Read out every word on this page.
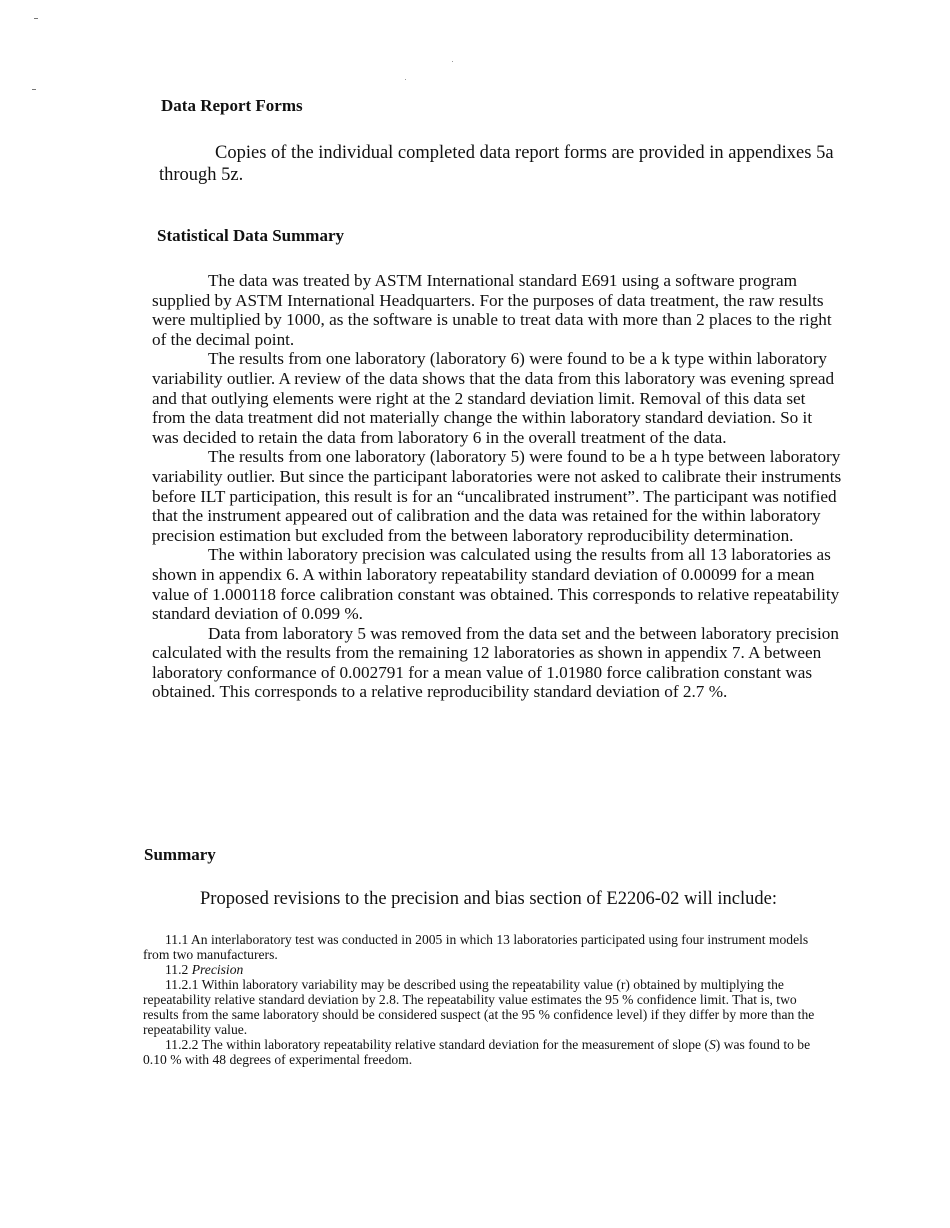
Data Report Forms

Copies of the individual completed data report forms are provided in appendixes 5a through 5z.

Statistical Data Summary

The data was treated by ASTM International standard E691 using a software program supplied by ASTM International Headquarters. For the purposes of data treatment, the raw results were multiplied by 1000, as the software is unable to treat data with more than 2 places to the right of the decimal point.

The results from one laboratory (laboratory 6) were found to be a k type within laboratory variability outlier. A review of the data shows that the data from this laboratory was evening spread and that outlying elements were right at the 2 standard deviation limit. Removal of this data set from the data treatment did not materially change the within laboratory standard deviation. So it was decided to retain the data from laboratory 6 in the overall treatment of the data.

The results from one laboratory (laboratory 5) were found to be a h type between laboratory variability outlier. But since the participant laboratories were not asked to calibrate their instruments before ILT participation, this result is for an “uncalibrated instrument”. The participant was notified that the instrument appeared out of calibration and the data was retained for the within laboratory precision estimation but excluded from the between laboratory reproducibility determination.

The within laboratory precision was calculated using the results from all 13 laboratories as shown in appendix 6. A within laboratory repeatability standard deviation of 0.00099 for a mean value of 1.000118 force calibration constant was obtained. This corresponds to relative repeatability standard deviation of 0.099 %.

Data from laboratory 5 was removed from the data set and the between laboratory precision calculated with the results from the remaining 12 laboratories as shown in appendix 7. A between laboratory conformance of 0.002791 for a mean value of 1.01980 force calibration constant was obtained. This corresponds to a relative reproducibility standard deviation of 2.7 %.

Summary

Proposed revisions to the precision and bias section of E2206-02 will include:

11.1 An interlaboratory test was conducted in 2005 in which 13 laboratories participated using four instrument models from two manufacturers.

11.2 Precision

11.2.1 Within laboratory variability may be described using the repeatability value (r) obtained by multiplying the repeatability relative standard deviation by 2.8. The repeatability value estimates the 95 % confidence limit. That is, two results from the same laboratory should be considered suspect (at the 95 % confidence level) if they differ by more than the repeatability value.

11.2.2 The within laboratory repeatability relative standard deviation for the measurement of slope (S) was found to be 0.10 % with 48 degrees of experimental freedom.
